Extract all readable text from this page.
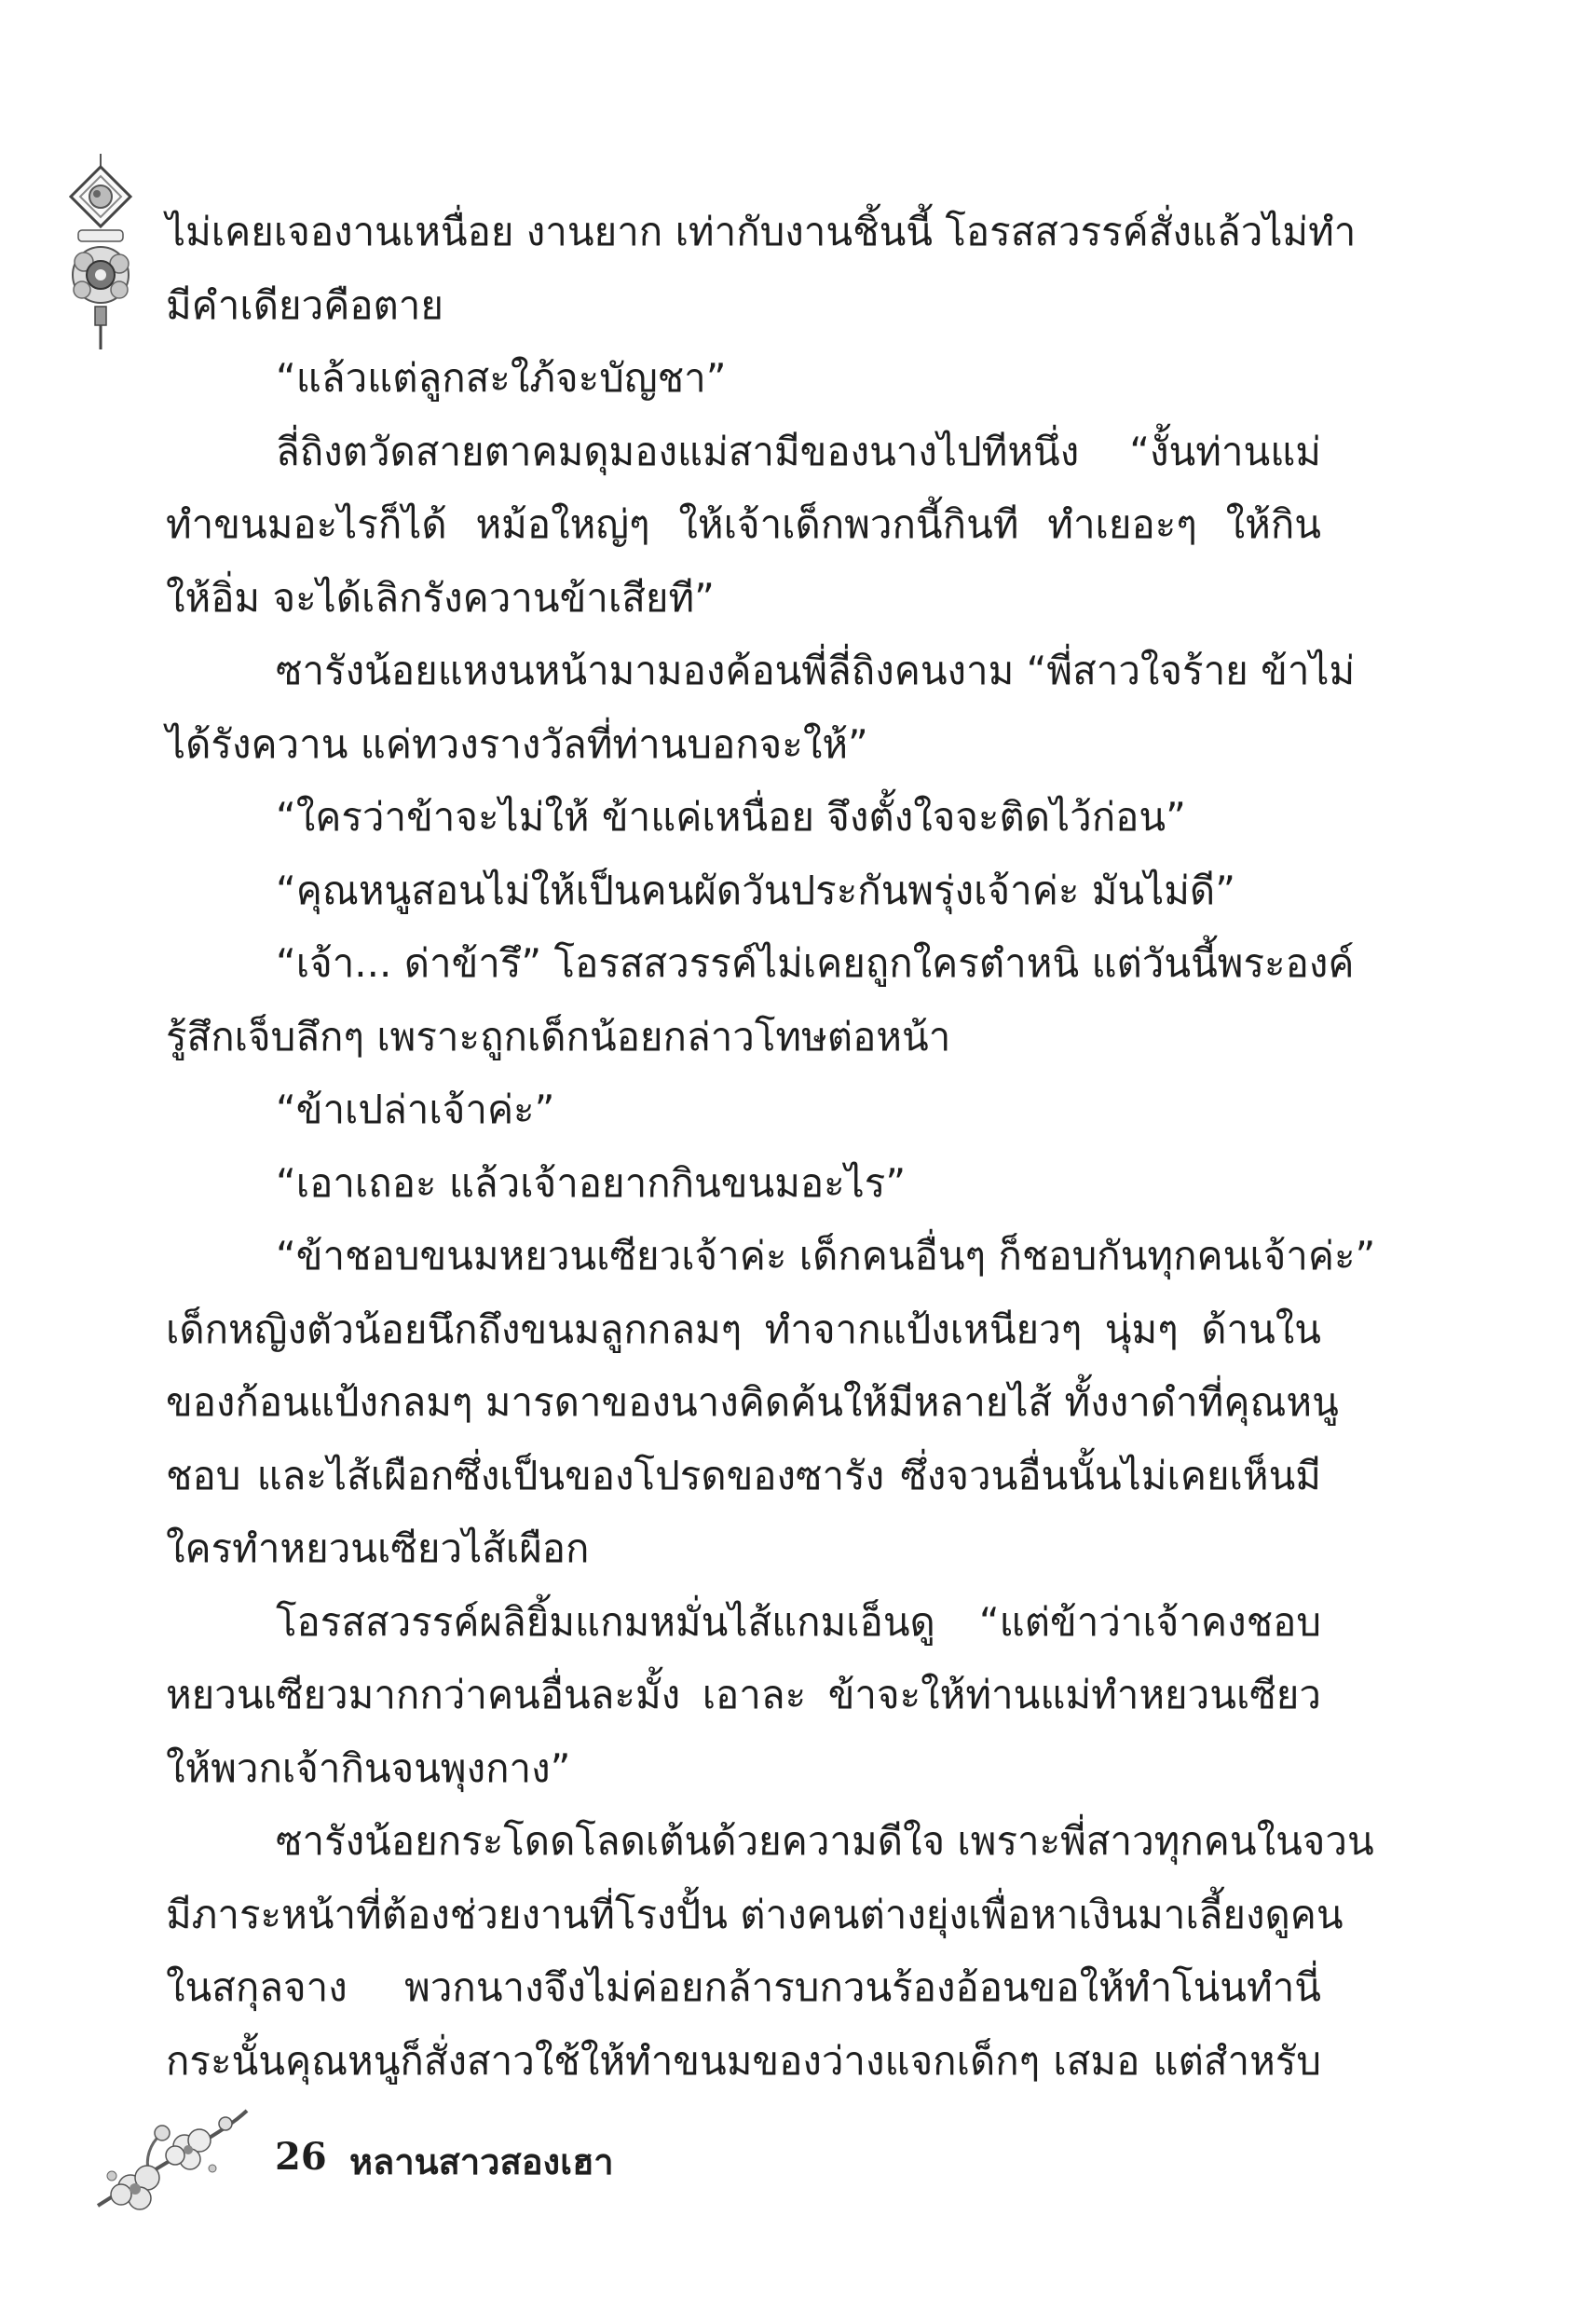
ไม่เคยเจองานเหนื่อย งานยาก เท่ากับงานชิ้นนี้ โอรสสวรรค์สั่งแล้วไม่ทำ
มีคำเดียวคือตาย
“แล้วแต่ลูกสะใภ้จะบัญชา”
ลี่ถิงตวัดสายตาคมดุมองแม่สามีของนางไปทีหนึ่ง “งั้นท่านแม่
ทำขนมอะไรก็ได้ หม้อใหญ่ๆ ให้เจ้าเด็กพวกนี้กินที ทำเยอะๆ ให้กิน
ให้อิ่ม จะได้เลิกรังควานข้าเสียที”
ซารังน้อยแหงนหน้ามามองค้อนพี่ลี่ถิงคนงาม “พี่สาวใจร้าย ข้าไม่
ได้รังควาน แค่ทวงรางวัลที่ท่านบอกจะให้”
“ใครว่าข้าจะไม่ให้ ข้าแค่เหนื่อย จึงตั้งใจจะติดไว้ก่อน”
“คุณหนูสอนไม่ให้เป็นคนผัดวันประกันพรุ่งเจ้าค่ะ มันไม่ดี”
“เจ้า... ด่าข้ารึ” โอรสสวรรค์ไม่เคยถูกใครตำหนิ แต่วันนี้พระองค์
รู้สึกเจ็บลึกๆ เพราะถูกเด็กน้อยกล่าวโทษต่อหน้า
“ข้าเปล่าเจ้าค่ะ”
“เอาเถอะ แล้วเจ้าอยากกินขนมอะไร”
“ข้าชอบขนมหยวนเซียวเจ้าค่ะ เด็กคนอื่นๆ ก็ชอบกันทุกคนเจ้าค่ะ”
เด็กหญิงตัวน้อยนึกถึงขนมลูกกลมๆ ทำจากแป้งเหนียวๆ นุ่มๆ ด้านใน
ของก้อนแป้งกลมๆ มารดาของนางคิดค้นให้มีหลายไส้ ทั้งงาดำที่คุณหนู
ชอบ และไส้เผือกซึ่งเป็นของโปรดของซารัง ซึ่งจวนอื่นนั้นไม่เคยเห็นมี
ใครทำหยวนเซียวไส้เผือก
โอรสสวรรค์ผลิยิ้มแกมหมั่นไส้แกมเอ็นดู “แต่ข้าว่าเจ้าคงชอบ
หยวนเซียวมากกว่าคนอื่นละมั้ง เอาละ ข้าจะให้ท่านแม่ทำหยวนเซียว
ให้พวกเจ้ากินจนพุงกาง”
ซารังน้อยกระโดดโลดเต้นด้วยความดีใจ เพราะพี่สาวทุกคนในจวน
มีภาระหน้าที่ต้องช่วยงานที่โรงปั้น ต่างคนต่างยุ่งเพื่อหาเงินมาเลี้ยงดูคน
ในสกุลจาง พวกนางจึงไม่ค่อยกล้ารบกวนร้องอ้อนขอให้ทำโน่นทำนี่
กระนั้นคุณหนูก็สั่งสาวใช้ให้ทำขนมของว่างแจกเด็กๆ เสมอ แต่สำหรับ
26 หลานสาวสองเฮา
